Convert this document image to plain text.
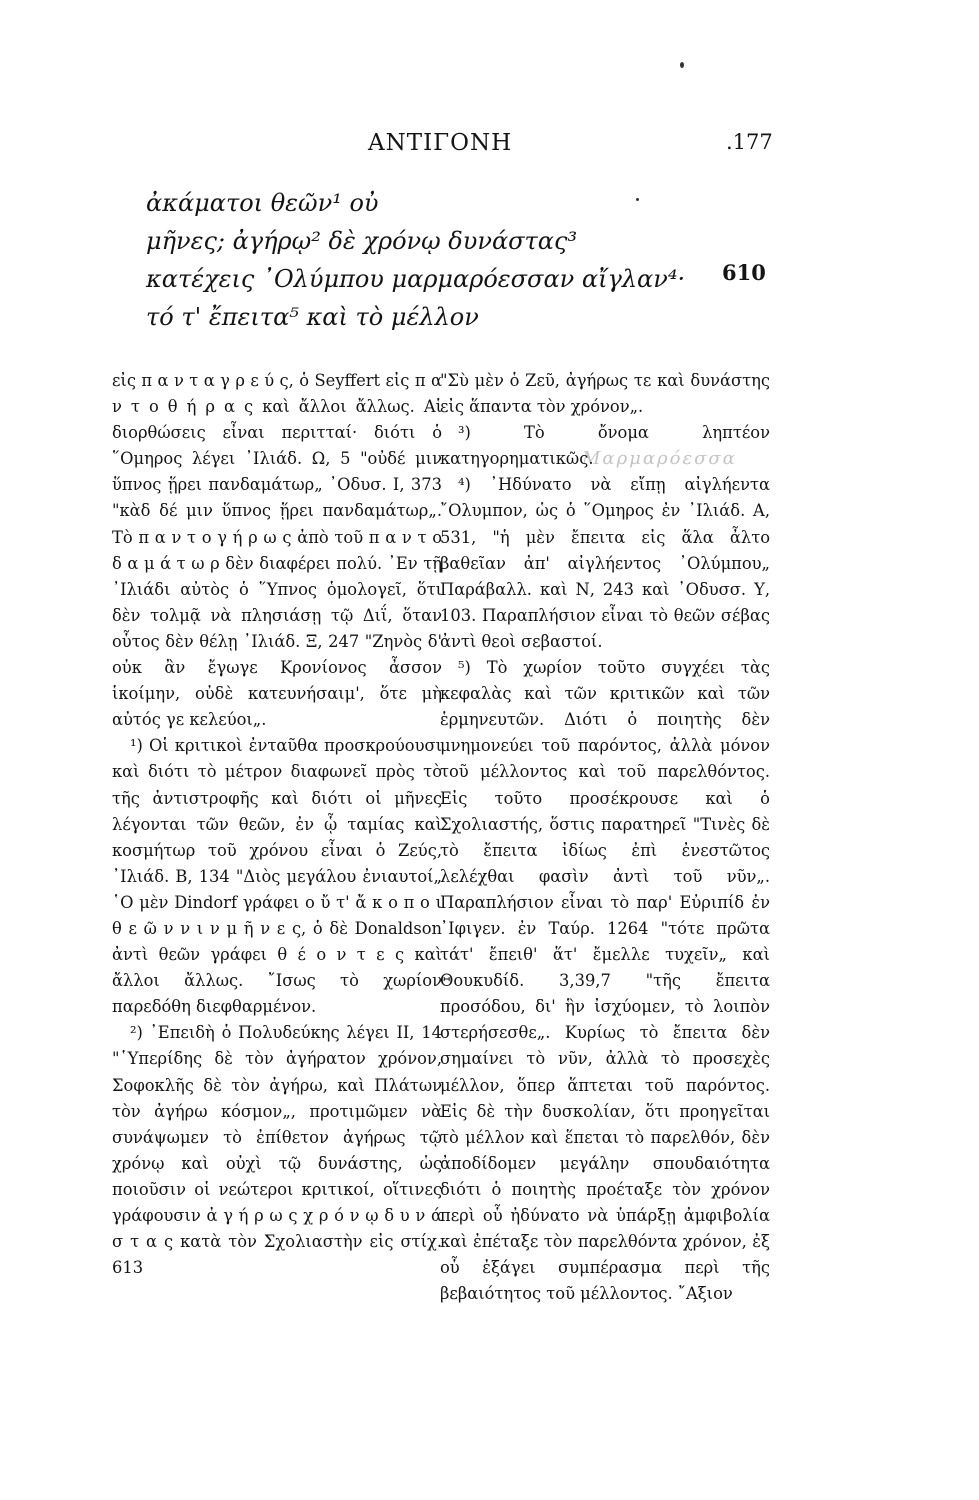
ΑΝΤΙΓΟΝΗ	.177
ἀκάματοι θεῶν¹ οὐ
μῆνες; ἀγήρῳ² δὲ χρόνῳ δυνάστας³
κατέχεις ᾿Ολύμπου μαρμαρόεσσαν αἴγλαν⁴·
τό τ' ἔπειτα⁵ καὶ τὸ μέλλον
610
Μαρμαρόεσσα

εἰς π α ν τ α γ ρ ε ύ ς, ὁ Seyffert εἰς π α ν τ ο θ ή ρ α ς καὶ ἄλλοι ἄλλως. Αἱ διορθώσεις εἶναι περιτταί· διότι ὁ ῞Ομηρος λέγει ᾿Ιλιάδ. Ω, 5 "οὐδέ μιν ὕπνος ᾕρει πανδαμάτωρ„ ᾿Οδυσ. Ι, 373 "κὰδ δέ μιν ὕπνος ᾕρει πανδαμάτωρ„. Τὸ π α ν τ ο γ ή ρ ω ς ἀπὸ τοῦ π α ν τ ο δ α μ ά τ ω ρ δὲν διαφέρει πολύ. ᾿Εν τῇ ᾿Ιλιάδι αὐτὸς ὁ ῞Υπνος ὁμολογεῖ, ὅτι δὲν τολμᾷ νὰ πλησιάσῃ τῷ Διΐ, ὅταν οὗτος δὲν θέλῃ ᾿Ιλιάδ. Ξ, 247 "Ζηνὸς δ' οὐκ ἂν ἔγωγε Κρονίονος ἆσσον ἱκοίμην, οὐδὲ κατευνήσαιμ', ὅτε μὴ αὐτός γε κελεύοι„.

¹) Οἱ κριτικοὶ ἐνταῦθα προσκρούουσι καὶ διότι τὸ μέτρον διαφωνεῖ πρὸς τὸ τῆς ἀντιστροφῆς καὶ διότι οἱ μῆνες λέγονται τῶν θεῶν, ἐν ᾧ ταμίας καὶ κοσμήτωρ τοῦ χρόνου εἶναι ὁ Ζεύς, ᾿Ιλιάδ. Β, 134 "Διὸς μεγάλου ἐνιαυτοί„ ῾Ο μὲν Dindorf γράφει ο ὔ τ' ἄ κ ο π ο ι θ ε ῶ ν ν ι ν μ ῆ ν ε ς, ὁ δὲ Donaldson ἀντὶ θεῶν γράφει θ έ ο ν τ ε ς καὶ ἄλλοι ἄλλως. ῎Ισως τὸ χωρίον παρεδόθη διεφθαρμένον.

²) ᾿Επειδὴ ὁ Πολυδεύκης λέγει ΙΙ, 14 "῾Υπερίδης δὲ τὸν ἀγήρατον χρόνον, Σοφοκλῆς δὲ τὸν ἀγήρω, καὶ Πλάτων τὸν ἀγήρω κόσμον„, προτιμῶμεν νὰ συνάψωμεν τὸ ἐπίθετον ἀγήρως τῷ χρόνῳ καὶ οὐχὶ τῷ δυνάστης, ὡς ποιοῦσιν οἱ νεώτεροι κριτικοί, οἵτινες γράφουσιν ἀ γ ή ρ ω ς χ ρ ό ν ῳ δ υ ν ά σ τ α ς κατὰ τὸν Σχολιαστὴν εἰς στίχ. 613

"Σὺ μὲν ὁ Ζεῦ, ἀγήρως τε καὶ δυνάστης εἰς ἅπαντα τὸν χρόνον„.

³) Τὸ ὄνομα ληπτέον κατηγορηματικῶς.

⁴) ᾿Ηδύνατο νὰ εἴπῃ αἰγλήεντα ῎Ολυμπον, ὡς ὁ ῞Ομηρος ἐν ᾿Ιλιάδ. Α, 531, "ἡ μὲν ἔπειτα εἰς ἅλα ἆλτο βαθεῖαν ἀπ' αἰγλήεντος ᾿Ολύμπου„ Παράβαλλ. καὶ Ν, 243 καὶ ᾿Οδυσσ. Υ, 103. Παραπλήσιον εἶναι τὸ θεῶν σέβας ἀντὶ θεοὶ σεβαστοί.

⁵) Τὸ χωρίον τοῦτο συγχέει τὰς κεφαλὰς καὶ τῶν κριτικῶν καὶ τῶν ἑρμηνευτῶν. Διότι ὁ ποιητὴς δὲν μνημονεύει τοῦ παρόντος, ἀλλὰ μόνον τοῦ μέλλοντος καὶ τοῦ παρελθόντος. Εἰς τοῦτο προσέκρουσε καὶ ὁ Σχολιαστής, ὅστις παρατηρεῖ "Τινὲς δὲ τὸ ἔπειτα ἰδίως ἐπὶ ἐνεστῶτος λελέχθαι φασὶν ἀντὶ τοῦ νῦν„. Παραπλήσιον εἶναι τὸ παρ' Εὐριπίδ ἐν ᾿Ιφιγεν. ἐν Ταύρ. 1264 "τότε πρῶτα τάτ' ἔπειθ' ἅτ' ἔμελλε τυχεῖν„ καὶ Θουκυδίδ. 3,39,7 "τῆς ἔπειτα προσόδου, δι' ἣν ἰσχύομεν, τὸ λοιπὸν στερήσεσθε„. Κυρίως τὸ ἔπειτα δὲν σημαίνει τὸ νῦν, ἀλλὰ τὸ προσεχὲς μέλλον, ὅπερ ἅπτεται τοῦ παρόντος. Εἰς δὲ τὴν δυσκολίαν, ὅτι προηγεῖται τὸ μέλλον καὶ ἕπεται τὸ παρελθόν, δὲν ἀποδίδομεν μεγάλην σπουδαιότητα διότι ὁ ποιητὴς προέταξε τὸν χρόνον περὶ οὗ ἠδύνατο νὰ ὑπάρξῃ ἀμφιβολία καὶ ἐπέταξε τὸν παρελθόντα χρόνον, ἐξ οὗ ἐξάγει συμπέρασμα περὶ τῆς βεβαιότητος τοῦ μέλλοντος. ῎Αξιον
